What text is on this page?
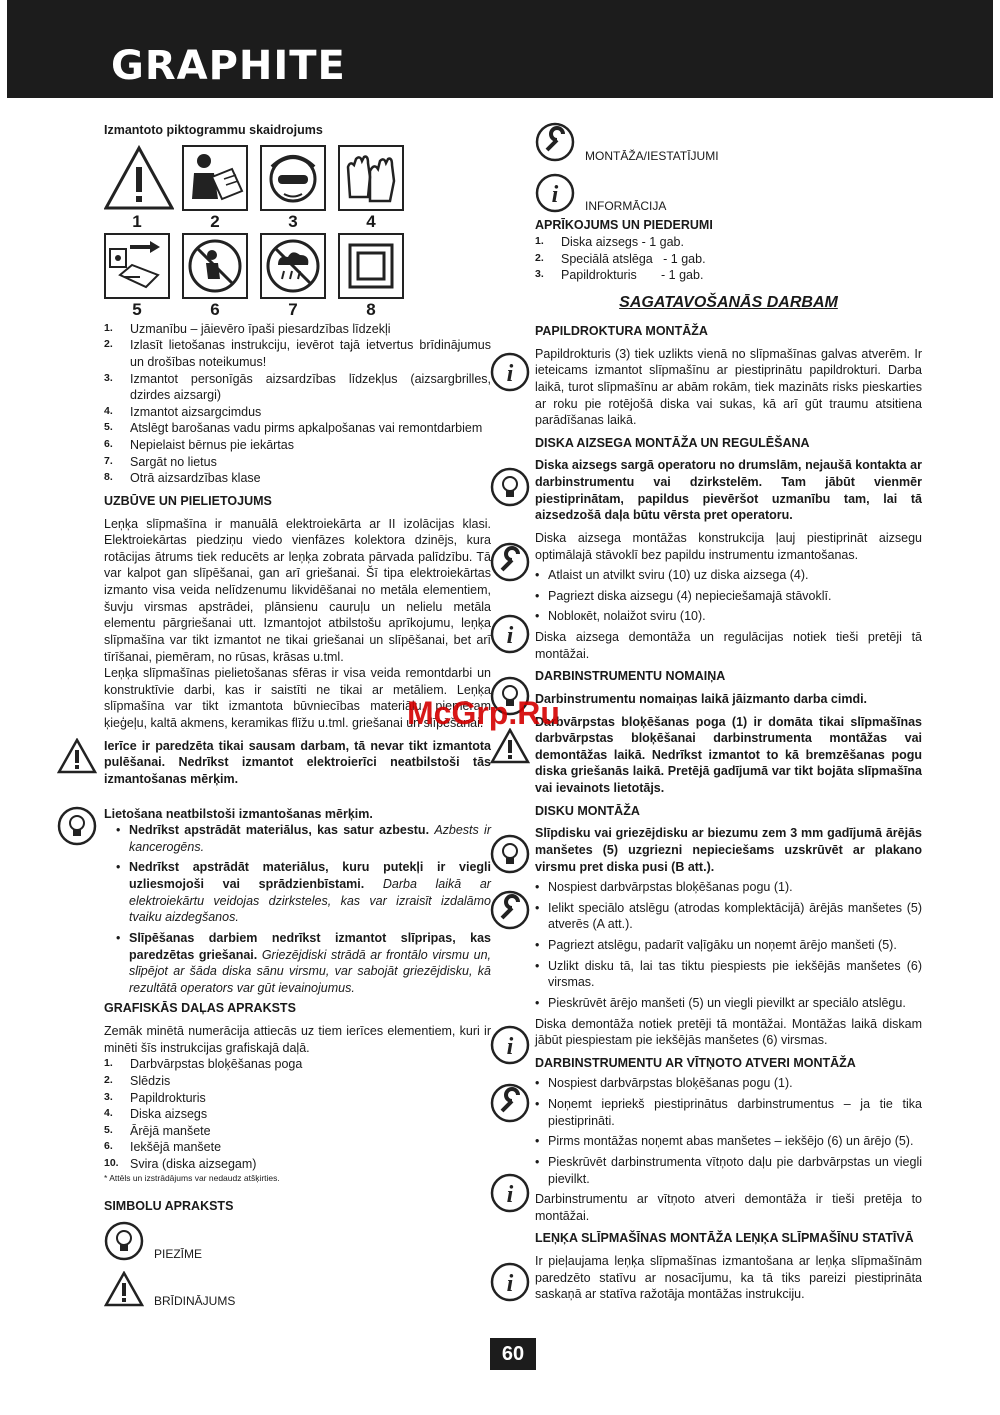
GRAPHITE
Izmantoto piktogrammu skaidrojums
1	2	3	4
5	6	7	8
1. Uzmanību – jāievēro īpaši piesardzības līdzekļi
2. Izlasīt lietošanas instrukciju, ievērot tajā ietvertus brīdinājumus un drošības noteikumus!
3. Izmantot personīgās aizsardzības līdzekļus (aizsargbrilles, dzirdes aizsargi)
4. Izmantot aizsargcimdus
5. Atslēgt barošanas vadu pirms apkalpošanas vai remontdarbiem
6. Nepielaist bērnus pie iekārtas
7. Sargāt no lietus
8. Otrā aizsardzības klase
UZBŪVE UN PIELIETOJUMS

Leņķa slīpmašīna ir manuālā elektroiekārta ar II izolācijas klasi. Elektroiekārtas piedziņu viedo vienfāzes kolektora dzinējs, kura rotācijas ātrums tiek reducēts ar leņķa zobrata pārvada palīdzību. Tā var kalpot gan slīpēšanai, gan arī griešanai. Šī tipa elektroiekārtas izmanto visa veida nelīdzenumu likvidēšanai no metāla elementiem, šuvju virsmas apstrādei, plānsienu cauruļu un nelielu metāla elementu pārgriešanai utt. Izmantojot atbilstošu aprīkojumu, leņķa slīpmašīna var tikt izmantot ne tikai griešanai un slīpēšanai, bet arī tīrīšanai, piemēram, no rūsas, krāsas u.tml.

Leņķa slīpmašīnas pielietošanas sfēras ir visa veida remontdarbi un konstruktīvie darbi, kas ir saistīti ne tikai ar metāliem. Leņķa slīpmašīna var tikt izmantota būvniecības materiālu, piemēram ķieģeļu, kaltā akmens, keramikas flīžu u.tml. griešanai un slīpēšanai.

Ierīce ir paredzēta tikai sausam darbam, tā nevar tikt izmantota pulēšanai. Nedrīkst izmantot elektroierīci neatbilstoši tās izmantošanas mērķim.

Lietošana neatbilstoši izmantošanas mērķim.
• Nedrīkst apstrādāt materiālus, kas satur azbestu. Azbests ir kancerogēns.
• Nedrīkst apstrādāt materiālus, kuru putekļi ir viegli uzliesmojoši vai sprādzienbīstami. Darba laikā ar elektroiekārtu veidojas dzirksteles, kas var izraisīt izdalāmo tvaiku aizdegšanos.
• Slīpēšanas darbiem nedrīkst izmantot slīpripas, kas paredzētas griešanai. Griezējdiski strādā ar frontālo virsmu un, slīpējot ar šāda diska sānu virsmu, var sabojāt griezējdisku, kā rezultātā operators var gūt ievainojumus.
GRAFISKĀS DAĻAS APRAKSTS

Zemāk minētā numerācija attiecās uz tiem ierīces elementiem, kuri ir minēti šīs instrukcijas grafiskajā daļā.

1. Darbvārpstas bloķēšanas poga
2. Slēdzis
3. Papildrokturis
4. Diska aizsegs
5. Ārējā manšete
6. Iekšējā manšete
10. Svira (diska aizsegam)
* Attēls un izstrādājums var nedaudz atšķirties.
SIMBOLU APRAKSTS
PIEZĪME
BRĪDINĀJUMS
i
i
i
i
i
MONTĀŽA/IESTATĪJUMI
i INFORMĀCIJA
APRĪKOJUMS UN PIEDERUMI
1. Diska aizsegs - 1 gab.
2. Speciālā atslēga   - 1 gab.
3. Papildrokturis       - 1 gab.
SAGATAVOŠANĀS DARBAM
PAPILDROKTURA MONTĀŽA

Papildrokturis (3) tiek uzlikts vienā no slīpmašīnas galvas atverēm. Ir ieteicams izmantot slīpmašīnu ar piestiprinātu papildrokturi. Darba laikā, turot slīpmašīnu ar abām rokām, tiek mazināts risks pieskarties ar roku pie rotējošā diska vai sukas, kā arī gūt traumu atsitiena parādīšanas laikā.

DISKA AIZSEGA MONTĀŽA UN REGULĒŠANA

Diska aizsegs sargā operatoru no drumslām, nejaušā kontakta ar darbinstrumentu vai dzirkstelēm. Tam jābūt vienmēr piestiprinātam, papildus pievēršot uzmanību tam, lai tā aizsedzošā daļa būtu vērsta pret operatoru.

Diska aizsega montāžas konstrukcija ļauj piestiprināt aizsegu optimālajā stāvoklī bez papildu instrumentu izmantošanas.

• Atlaist un atvilkt sviru (10) uz diska aizsega (4).
• Pagriezt diska aizsegu (4) nepieciešamajā stāvoklī.
• Noblокēt, nolaižot sviru (10).

Diska aizsega demontāža un regulācijas notiek tieši pretēji tā montāžai.

DARBINSTRUMENTU NOMAIŅA

Darbinstrumentu nomaiņas laikā jāizmanto darba cimdi.

Darbvārpstas bloķēšanas poga (1) ir domāta tikai slīpmašīnas darbvārpstas bloķēšanai darbinstrumenta montāžas vai demontāžas laikā. Nedrīkst izmantot to kā bremzēšanas pogu diska griešanās laikā. Pretējā gadījumā var tikt bojāta slīpmašīna vai ievainots lietotājs.

DISKU MONTĀŽA

Slīpdisku vai griezējdisku ar biezumu zem 3 mm gadījumā ārējās manšetes (5) uzgriezni nepieciešams uzskrūvēt ar plakano virsmu pret diska pusi (B att.).

• Nospiest darbvārpstas bloķēšanas pogu (1).
• Ielikt speciālo atslēgu (atrodas komplektācijā) ārējās manšetes (5) atverēs (A att.).
• Pagriezt atslēgu, padarīt vaļīgāku un noņemt ārējo manšeti (5).
• Uzlikt disku tā, lai tas tiktu piespiests pie iekšējās manšetes (6) virsmas.
• Pieskrūvēt ārējo manšeti (5) un viegli pievilkt ar speciālo atslēgu.

Diska demontāža notiek pretēji tā montāžai. Montāžas laikā diskam jābūt piespiestam pie iekšējās manšetes (6) virsmas.

DARBINSTRUMENTU AR VĪTŅOTO ATVERI MONTĀŽA
• Nospiest darbvārpstas bloķēšanas pogu (1).
• Noņemt iepriekš piestiprinātus darbinstrumentus – ja tie tika piestiprināti.
• Pirms montāžas noņemt abas manšetes – iekšējo (6) un ārējo (5).
• Pieskrūvēt darbinstrumenta vītņoto daļu pie darbvārpstas un viegli pievilkt.

Darbinstrumentu ar vītņoto atveri demontāža ir tieši pretēja to montāžai.

LEŅĶA SLĪPMAŠĪNAS MONTĀŽA LEŅĶA SLĪPMAŠĪNU STATĪVĀ

Ir pieļaujama leņķa slīpmašīnas izmantošana ar leņķa slīpmašīnām paredzēto statīvu ar nosacījumu, ka tā tiks pareizi piestiprināta saskaņā ar statīva ražotāja montāžas instrukciju.

McGrp.Ru
60
